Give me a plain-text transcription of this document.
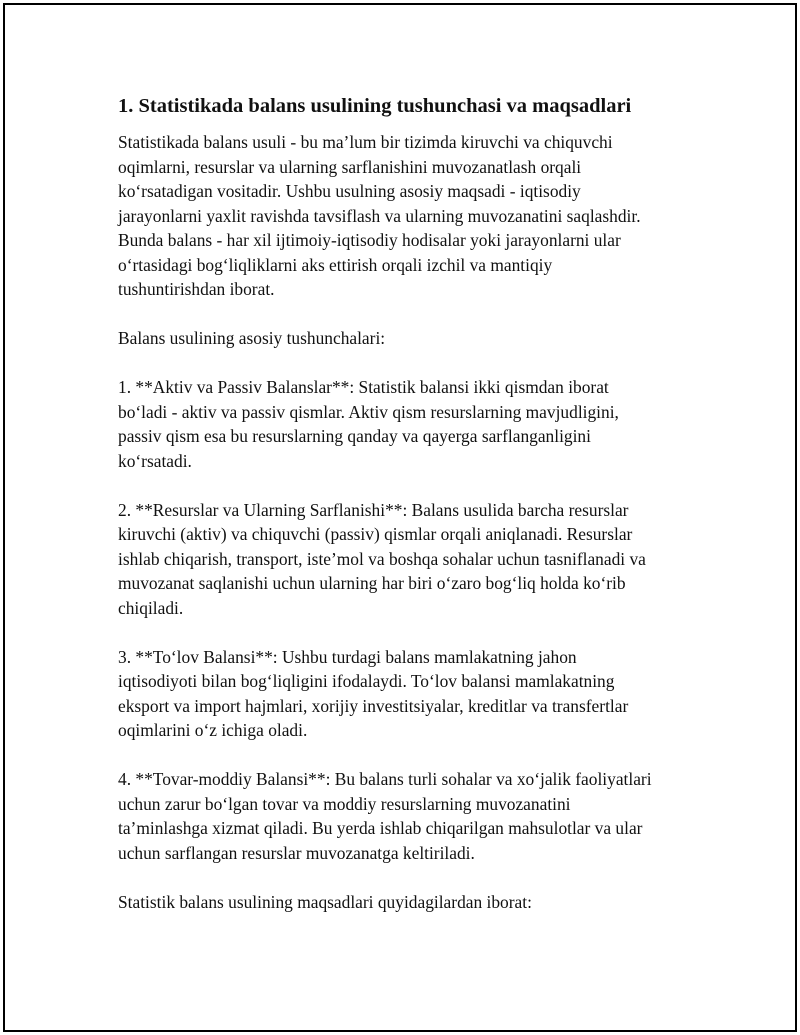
1. Statistikada balans usulining tushunchasi va maqsadlari

Statistikada balans usuli - bu ma’lum bir tizimda kiruvchi va chiquvchi
oqimlarni, resurslar va ularning sarflanishini muvozanatlash orqali
ko‘rsatadigan vositadir. Ushbu usulning asosiy maqsadi - iqtisodiy
jarayonlarni yaxlit ravishda tavsiflash va ularning muvozanatini saqlashdir.
Bunda balans - har xil ijtimoiy-iqtisodiy hodisalar yoki jarayonlarni ular
o‘rtasidagi bog‘liqliklarni aks ettirish orqali izchil va mantiqiy
tushuntirishdan iborat.

Balans usulining asosiy tushunchalari:

1. **Aktiv va Passiv Balanslar**: Statistik balansi ikki qismdan iborat
bo‘ladi - aktiv va passiv qismlar. Aktiv qism resurslarning mavjudligini,
passiv qism esa bu resurslarning qanday va qayerga sarflanganligini
ko‘rsatadi.

2. **Resurslar va Ularning Sarflanishi**: Balans usulida barcha resurslar
kiruvchi (aktiv) va chiquvchi (passiv) qismlar orqali aniqlanadi. Resurslar
ishlab chiqarish, transport, iste’mol va boshqa sohalar uchun tasniflanadi va
muvozanat saqlanishi uchun ularning har biri o‘zaro bog‘liq holda ko‘rib
chiqiladi.

3. **To‘lov Balansi**: Ushbu turdagi balans mamlakatning jahon
iqtisodiyoti bilan bog‘liqligini ifodalaydi. To‘lov balansi mamlakatning
eksport va import hajmlari, xorijiy investitsiyalar, kreditlar va transfertlar
oqimlarini o‘z ichiga oladi.

4. **Tovar-moddiy Balansi**: Bu balans turli sohalar va xo‘jalik faoliyatlari
uchun zarur bo‘lgan tovar va moddiy resurslarning muvozanatini
ta’minlashga xizmat qiladi. Bu yerda ishlab chiqarilgan mahsulotlar va ular
uchun sarflangan resurslar muvozanatga keltiriladi.

Statistik balans usulining maqsadlari quyidagilardan iborat:
